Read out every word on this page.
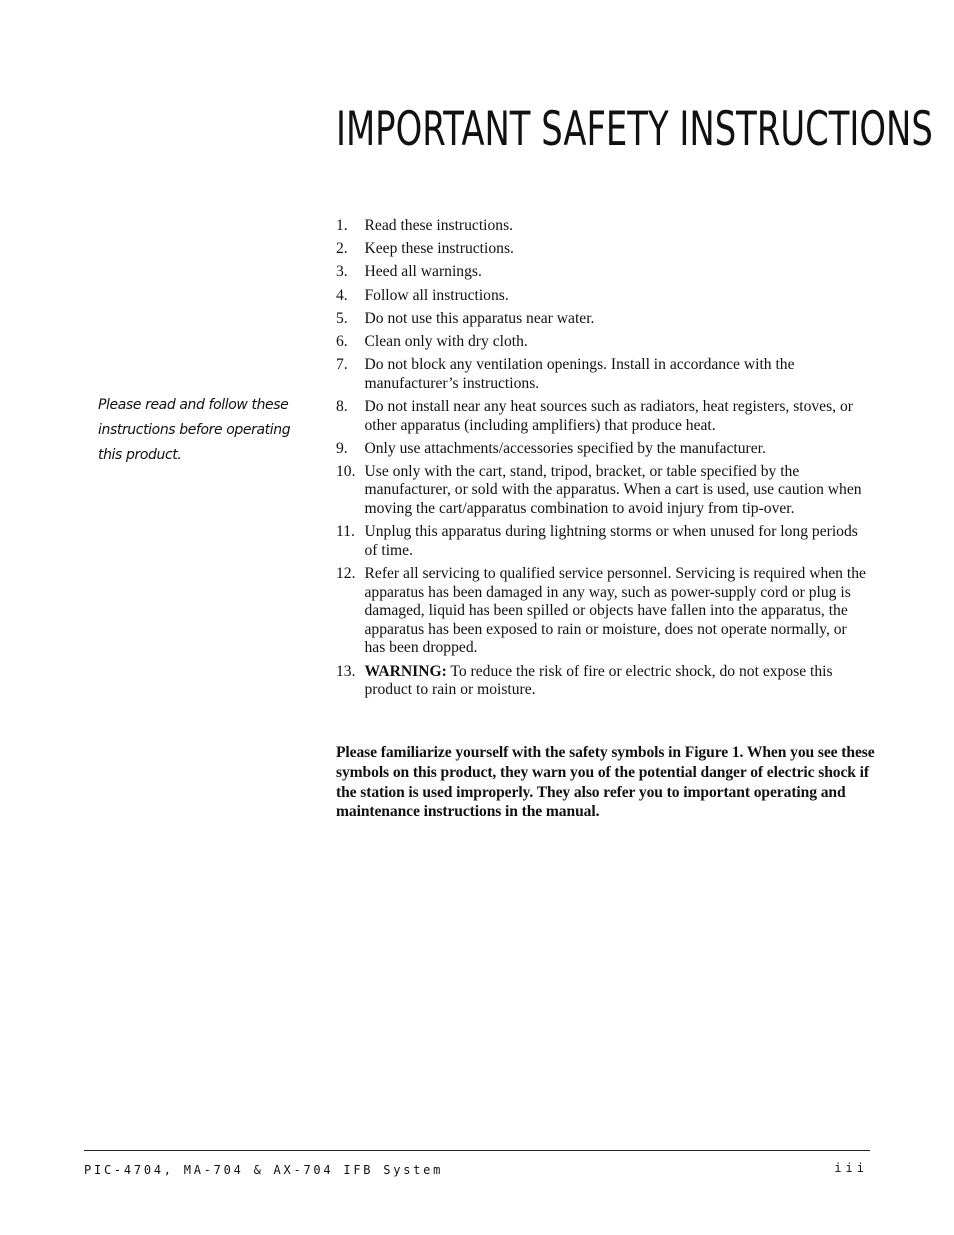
IMPORTANT SAFETY INSTRUCTIONS

Please read and follow these instructions before operating this product.

1.	Read these instructions.
2.	Keep these instructions.
3.	Heed all warnings.
4.	Follow all instructions.
5.	Do not use this apparatus near water.
6.	Clean only with dry cloth.
7.	Do not block any ventilation openings. Install in accordance with the manufacturer’s instructions.
8.	Do not install near any heat sources such as radiators, heat registers, stoves, or other apparatus (including amplifiers) that produce heat.
9.	Only use attachments/accessories specified by the manufacturer.
10. Use only with the cart, stand, tripod, bracket, or table specified by the manufacturer, or sold with the apparatus. When a cart is used, use caution when moving the cart/apparatus combination to avoid injury from tip-over.
11. Unplug this apparatus during lightning storms or when unused for long periods of time.
12. Refer all servicing to qualified service personnel. Servicing is required when the apparatus has been damaged in any way, such as power-supply cord or plug is damaged, liquid has been spilled or objects have fallen into the apparatus, the apparatus has been exposed to rain or moisture, does not operate normally, or has been dropped.
13. WARNING: To reduce the risk of fire or electric shock, do not expose this product to rain or moisture.

Please familiarize yourself with the safety symbols in Figure 1. When you see these symbols on this product, they warn you of the potential danger of electric shock if the station is used improperly. They also refer you to important operating and maintenance instructions in the manual.

PIC-4704, MA-704 & AX-704 IFB System	iii
